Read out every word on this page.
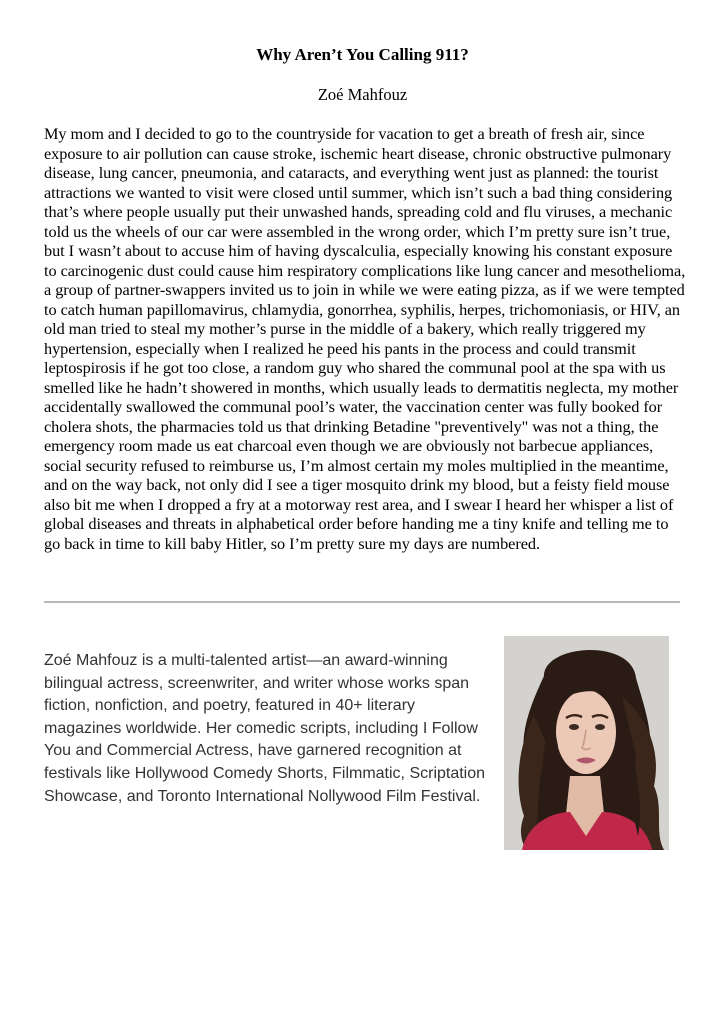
Why Aren’t You Calling 911?
Zoé Mahfouz

My mom and I decided to go to the countryside for vacation to get a breath of fresh air, since exposure to air pollution can cause stroke, ischemic heart disease, chronic obstructive pulmonary disease, lung cancer, pneumonia, and cataracts, and everything went just as planned: the tourist attractions we wanted to visit were closed until summer, which isn’t such a bad thing considering that’s where people usually put their unwashed hands, spreading cold and flu viruses, a mechanic told us the wheels of our car were assembled in the wrong order, which I’m pretty sure isn’t true, but I wasn’t about to accuse him of having dyscalculia, especially knowing his constant exposure to carcinogenic dust could cause him respiratory complications like lung cancer and mesothelioma, a group of partner-swappers invited us to join in while we were eating pizza, as if we were tempted to catch human papillomavirus, chlamydia, gonorrhea, syphilis, herpes, trichomoniasis, or HIV, an old man tried to steal my mother’s purse in the middle of a bakery, which really triggered my hypertension, especially when I realized he peed his pants in the process and could transmit leptospirosis if he got too close, a random guy who shared the communal pool at the spa with us smelled like he hadn’t showered in months, which usually leads to dermatitis neglecta, my mother accidentally swallowed the communal pool’s water, the vaccination center was fully booked for cholera shots, the pharmacies told us that drinking Betadine "preventively" was not a thing, the emergency room made us eat charcoal even though we are obviously not barbecue appliances, social security refused to reimburse us, I’m almost certain my moles multiplied in the meantime, and on the way back, not only did I see a tiger mosquito drink my blood, but a feisty field mouse also bit me when I dropped a fry at a motorway rest area, and I swear I heard her whisper a list of global diseases and threats in alphabetical order before handing me a tiny knife and telling me to go back in time to kill baby Hitler, so I’m pretty sure my days are numbered.

Zoé Mahfouz is a multi-talented artist—an award-winning bilingual actress, screenwriter, and writer whose works span fiction, nonfiction, and poetry, featured in 40+ literary magazines worldwide. Her comedic scripts, including I Follow You and Commercial Actress, have garnered recognition at festivals like Hollywood Comedy Shorts, Filmmatic, Scriptation Showcase, and Toronto International Nollywood Film Festival.
